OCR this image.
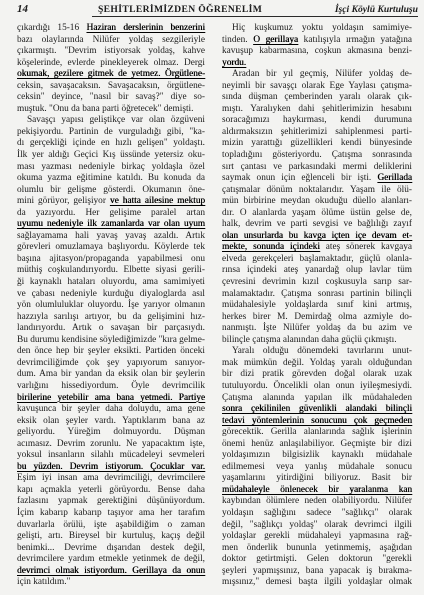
14	ŞEHİTLERİMİZDEN ÖĞRENELİM	İşçi Köylü Kurtuluşu
çıkardığı 15-16 Haziran derslerinin benzerini
bazı olaylarında Nilüfer yoldaş sezgileriyle
çıkarmıştı. "Devrim istiyorsak yoldaş, kahve
köşelerinde, evlerde pinekleyerek olmaz. Dergi
okumak, gezilere gitmek de yetmez. Örgütlene-
ceksin, savaşacaksın. Savaşacaksın, örgütlene-
ceksin" deyince, "nasıl bir savaş?" diye so-
muştuk. "Onu da bana parti öğretecek" demişti.
Savaşçı yapısı geliştikçe var olan özgüveni
pekişiyordu. Partinin de vurguladığı gibi, "ka-
dı gerçekliği içinde en hızlı gelişen" yoldaştı.
İlk yer aldığı Geçici Kış üssünde yetersiz oku-
ması yazması nedeniyle birkaç yoldaşla özel
okuma yazma eğitimine katıldı. Bu konuda da
olumlu bir gelişme gösterdi. Okumanın öne-
mini görüyor, gelişiyor ve hatta ailesine mektup
da yazıyordu. Her gelişime paralel artan
uyumu nedeniyle ilk zamanlarda var olan uyum
sağlayamama hali yavaş yavaş azaldı. Artık
görevleri omuzlamaya başlıyordu. Köylerde tek
başına ajitasyon/propaganda yapabilmesi onu
müthiş coşkulandırıyordu. Elbette siyasi gerili-
ği kaynaklı hataları oluyordu, ama samimiyeti
ve çabası nedeniyle kurduğu diyaloglarda asıl
yön olumluluklar oluyordu. İşe yarıyor olmanın
hazzıyla sarılışı artıyor, bu da gelişimini hız-
landırıyordu. Artık o savaşan bir parçasıydı.
Bu durumu kendisine söylediğimizde "kıra gelme-
den önce hep bir şeyler eksikti. Partiden önceki
devrimciliğimde çok şey yapıyorum sanıyor-
dum. Ama bir yandan da eksik olan bir şeylerin
varlığını hissediyordum. Öyle devrimcilik
birilerine yetebilir ama bana yetmedi. Partiye
kavuşunca bir şeyler daha doluydu, ama gene
eksik olan şeyler vardı. Yaptıklarım bana az
geliyordu. Yüreğim dolmuyordu. Düşman
acımasız. Devrim zorunlu. Ne yapacaktım işte,
yoksul insanların silahlı mücadeleyi sevmeleri
bu yüzden. Devrim istiyorum. Çocuklar var.
Eşim iyi insan ama devrimciliği, devrimcilere
kapı açmakla yeterli görüyordu. Bense daha
fazlasını yapmak gerektiğini düşünüyordum.
İçim kabarıp kabarıp taşıyor ama her tarafım
duvarlarla örülü, işte aşabildiğim o zaman
gelişti, artı. Bireysel bir kurtuluş, kaçış değil
benimki... Devrime dışarıdan destek değil,
devrimcilere yardım etmekle yetinmek de değil,
devrimci olmak istiyordum. Gerillaya da onun
için katıldım."
Hiç kuşkumuz yoktu yoldaşın samimiye-
tinden. O gerillaya katılışıyla ırmağın yatağına
kavuşup kabarmasına, coşkun akmasına benzi-
yordu.
Aradan bir yıl geçmiş, Nilüfer yoldaş de-
neyimli bir savaşçı olarak Ege Yaylası çatışma-
sında düşman çemberinden yaralı olarak çık-
mıştı. Yaralıyken dahi şehitlerimizin hesabını
soracağımızı haykırması, kendi durumuna
aldırmaksızın şehitlerimizi sahiplenmesi parti-
mizin yarattığı güzellikleri kendi bünyesinde
topladığını gösteriyordu. Çatışma sonrasında
sırt çantası ve parkasındaki mermi deliklerini
saymak onun için eğlenceli bir işti. Gerillada
çatışmalar dönüm noktalarıdır. Yaşam ile ölü-
mün birbirine meydan okuduğu düello alanları-
dır. O alanlarda yaşam ölüme üstün gelse de,
halk, devrim ve parti sevgisi ve bağlılığı zayıf
olan unsurlarda bu kavga içten içe devam et-
mekte, sonunda içindeki ateş sönerek kavgaya
elveda gerekçeleri başlamaktadır, güçlü olanla-
rınsa içindeki ateş yanardağ olup lavlar tüm
çevresini devrimin kızıl coşkusuyla sarıp sar-
malamaktadır. Çatışma sonrası partinin bilinçli
müdahalesiyle yoldaşlarda sınıf kini artmış,
herkes birer M. Demirdağ olma azmiyle do-
nanmıştı. İşte Nilüfer yoldaş da bu azim ve
bilinçle çatışma alanından daha güçlü çıkmıştı.
Yaralı olduğu dönemdeki tavırlarını unut-
mak mümkün değil. Yoldaş yaralı olduğundan
bir dizi pratik görevden doğal olarak uzak
tutuluyordu. Öncelikli olan onun iyileşmesiydi.
Çatışma alanında yapılan ilk müdahaleden
sonra çekilinilen güvenlikli alandaki bilinçli
tedavi yöntemlerinin sonucunu çok geçmeden
görecektik. Gerilla alanlarında sağlık işlerinin
önemi henüz anlaşılabiliyor. Geçmişte bir dizi
yoldaşımızın bilgisizlik kaynaklı müdahale
edilmemesi veya yanlış müdahale sonucu
yaşamlarını yitirdiğini biliyoruz. Basit bir
müdahaleyle önlenecek bir yaralanma kan
kaybından ölümlere neden olabiliyordu. Nilüfer
yoldaşın sağlığını sadece "sağlıkçı" olarak
değil, "sağlıkçı yoldaş" olarak devrimci ilgili
yoldaşlar gerekli müdahaleyi yapmasına rağ-
men önderlik bununla yetinmemiş, aşağıdan
doktor getirtmişti. Gelen doktorun "gerekli
şeyleri yapmışsınız, bana yapacak iş bırakma-
mışsınız," demesi başta ilgili yoldaşlar olmak
